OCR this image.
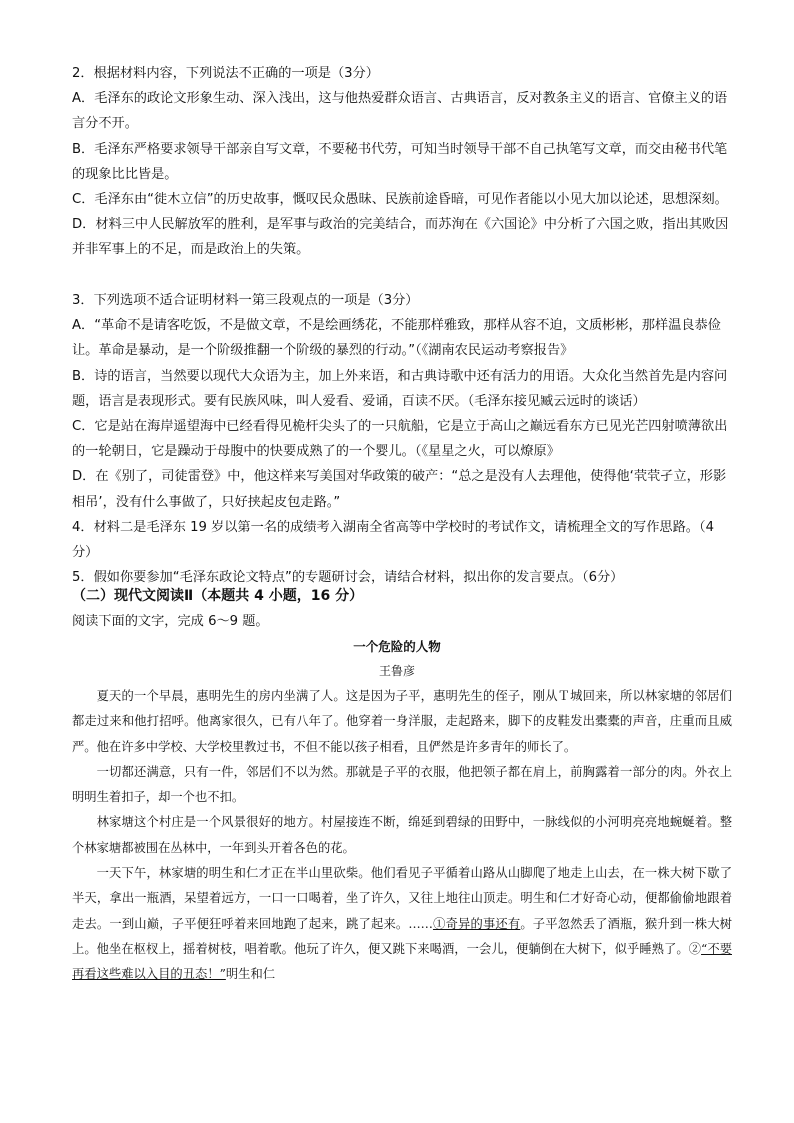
2．根据材料内容，下列说法不正确的一项是（3分）

A．毛泽东的政论文形象生动、深入浅出，这与他热爱群众语言、古典语言，反对教条主义的语言、官僚主义的语言分不开。

B．毛泽东严格要求领导干部亲自写文章，不要秘书代劳，可知当时领导干部不自己执笔写文章，而交由秘书代笔的现象比比皆是。

C．毛泽东由“徙木立信”的历史故事，慨叹民众愚昧、民族前途昏暗，可见作者能以小见大加以论述，思想深刻。

D．材料三中人民解放军的胜利，是军事与政治的完美结合，而苏洵在《六国论》中分析了六国之败，指出其败因并非军事上的不足，而是政治上的失策。

3．下列选项不适合证明材料一第三段观点的一项是（3分）

A．“革命不是请客吃饭，不是做文章，不是绘画绣花，不能那样雅致，那样从容不迫，文质彬彬，那样温良恭俭让。革命是暴动，是一个阶级推翻一个阶级的暴烈的行动。”（《湖南农民运动考察报告》

B．诗的语言，当然要以现代大众语为主，加上外来语，和古典诗歌中还有活力的用语。大众化当然首先是内容问题，语言是表现形式。要有民族风味，叫人爱看、爱诵，百读不厌。（毛泽东接见臧云远时的谈话）

C．它是站在海岸遥望海中已经看得见桅杆尖头了的一只航船，它是立于高山之巅远看东方已见光芒四射喷薄欲出的一轮朝日，它是躁动于母腹中的快要成熟了的一个婴儿。（《星星之火，可以燎原》

D．在《别了，司徒雷登》中，他这样来写美国对华政策的破产：“总之是没有人去理他，使得他‘茕茕孑立，形影相吊’，没有什么事做了，只好挟起皮包走路。”

4．材料二是毛泽东 19 岁以第一名的成绩考入湖南全省高等中学校时的考试作文，请梳理全文的写作思路。（4分）

5．假如你要参加“毛泽东政论文特点”的专题研讨会，请结合材料，拟出你的发言要点。（6分）

（二）现代文阅读Ⅱ（本题共 4 小题，16 分）
阅读下面的文字，完成 6～9 题。
一个危险的人物
王鲁彦

夏天的一个早晨，惠明先生的房内坐满了人。这是因为子平，惠明先生的侄子，刚从Ｔ城回来，所以林家塘的邻居们都走过来和他打招呼。他离家很久，已有八年了。他穿着一身洋服，走起路来，脚下的皮鞋发出橐橐的声音，庄重而且威严。他在许多中学校、大学校里教过书，不但不能以孩子相看，且俨然是许多青年的师长了。

一切都还满意，只有一件，邻居们不以为然。那就是子平的衣服，他把领子都在肩上，前胸露着一部分的肉。外衣上明明生着扣子，却一个也不扣。

林家塘这个村庄是一个风景很好的地方。村屋接连不断，绵延到碧绿的田野中，一脉线似的小河明亮亮地蜿蜒着。整个林家塘都被围在丛林中，一年到头开着各色的花。

一天下午，林家塘的明生和仁才正在半山里砍柴。他们看见子平循着山路从山脚爬了地走上山去，在一株大树下歇了半天，拿出一瓶酒，呆望着远方，一口一口喝着，坐了许久，又往上地往山顶走。明生和仁才好奇心动，便都偷偷地跟着走去。一到山巅，子平便狂呼着来回地跑了起来，跳了起来。……①奇异的事还有。子平忽然丢了酒瓶，猴升到一株大树上。他坐在枢杈上，摇着树枝，唱着歌。他玩了许久，便又跳下来喝酒，一会儿，便躺倒在大树下，似乎睡熟了。②“不要再看这些难以入目的丑态！”明生和仁
